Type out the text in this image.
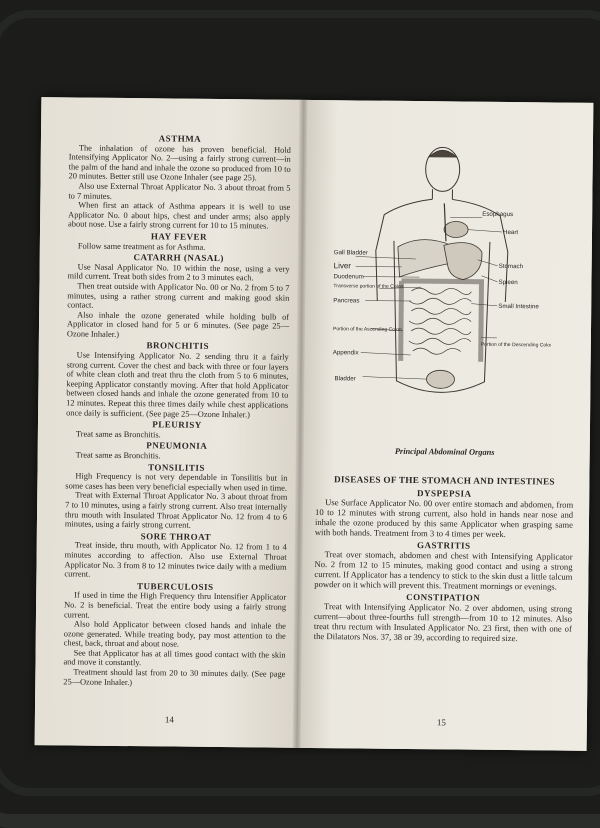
ASTHMA

The inhalation of ozone has proven beneficial. Hold Intensifying Applicator No. 2—using a fairly strong current—in the palm of the hand and inhale the ozone so produced from 10 to 20 minutes. Better still use Ozone Inhaler (see page 25).

Also use External Throat Applicator No. 3 about throat from 5 to 7 minutes.

When first an attack of Asthma appears it is well to use Applicator No. 0 about hips, chest and under arms; also apply about nose. Use a fairly strong current for 10 to 15 minutes.

HAY FEVER

Follow same treatment as for Asthma.

CATARRH (NASAL)

Use Nasal Applicator No. 10 within the nose, using a very mild current. Treat both sides from 2 to 3 minutes each.

Then treat outside with Applicator No. 00 or No. 2 from 5 to 7 minutes, using a rather strong current and making good skin contact.

Also inhale the ozone generated while holding bulb of Applicator in closed hand for 5 or 6 minutes. (See page 25—Ozone Inhaler.)

BRONCHITIS

Use Intensifying Applicator No. 2 sending thru it a fairly strong current. Cover the chest and back with three or four layers of white clean cloth and treat thru the cloth from 5 to 6 minutes, keeping Applicator constantly moving. After that hold Applicator between closed hands and inhale the ozone generated from 10 to 12 minutes. Repeat this three times daily while chest applications once daily is sufficient. (See page 25—Ozone Inhaler.)

PLEURISY

Treat same as Bronchitis.

PNEUMONIA

Treat same as Bronchitis.

TONSILITIS

High Frequency is not very dependable in Tonsilitis but in some cases has been very beneficial especially when used in time.

Treat with External Throat Applicator No. 3 about throat from 7 to 10 minutes, using a fairly strong current. Also treat internally thru mouth with Insulated Throat Applicator No. 12 from 4 to 6 minutes, using a fairly strong current.

SORE THROAT

Treat inside, thru mouth, with Applicator No. 12 from 1 to 4 minutes according to affection. Also use External Throat Applicator No. 3 from 8 to 12 minutes twice daily with a medium current.

TUBERCULOSIS

If used in time the High Frequency thru Intensifier Applicator No. 2 is beneficial. Treat the entire body using a fairly strong current.

Also hold Applicator between closed hands and inhale the ozone generated. While treating body, pay most attention to the chest, back, throat and about nose.

See that Applicator has at all times good contact with the skin and move it constantly.

Treatment should last from 20 to 30 minutes daily. (See page 25—Ozone Inhaler.)

14
Esophagus
Heart
Gall Bladder
Liver
Duodenum
Transverse portion of the Colon
Stomach
Spleen
Pancreas
Small Intestine
Portion of the Ascending Colon
Portion of the Descending Colon
Appendix
Bladder
Principal Abdominal Organs
DISEASES OF THE STOMACH AND INTESTINES
DYSPEPSIA

Use Surface Applicator No. 00 over entire stomach and abdomen, from 10 to 12 minutes with strong current, also hold in hands near nose and inhale the ozone produced by this same Applicator when grasping same with both hands. Treatment from 3 to 4 times per week.

GASTRITIS

Treat over stomach, abdomen and chest with Intensifying Applicator No. 2 from 12 to 15 minutes, making good contact and using a strong current. If Applicator has a tendency to stick to the skin dust a little talcum powder on it which will prevent this. Treatment mornings or evenings.

CONSTIPATION

Treat with Intensifying Applicator No. 2 over abdomen, using strong current—about three-fourths full strength—from 10 to 12 minutes. Also treat thru rectum with Insulated Applicator No. 23 first, then with one of the Dilatators Nos. 37, 38 or 39, according to required size.

15
